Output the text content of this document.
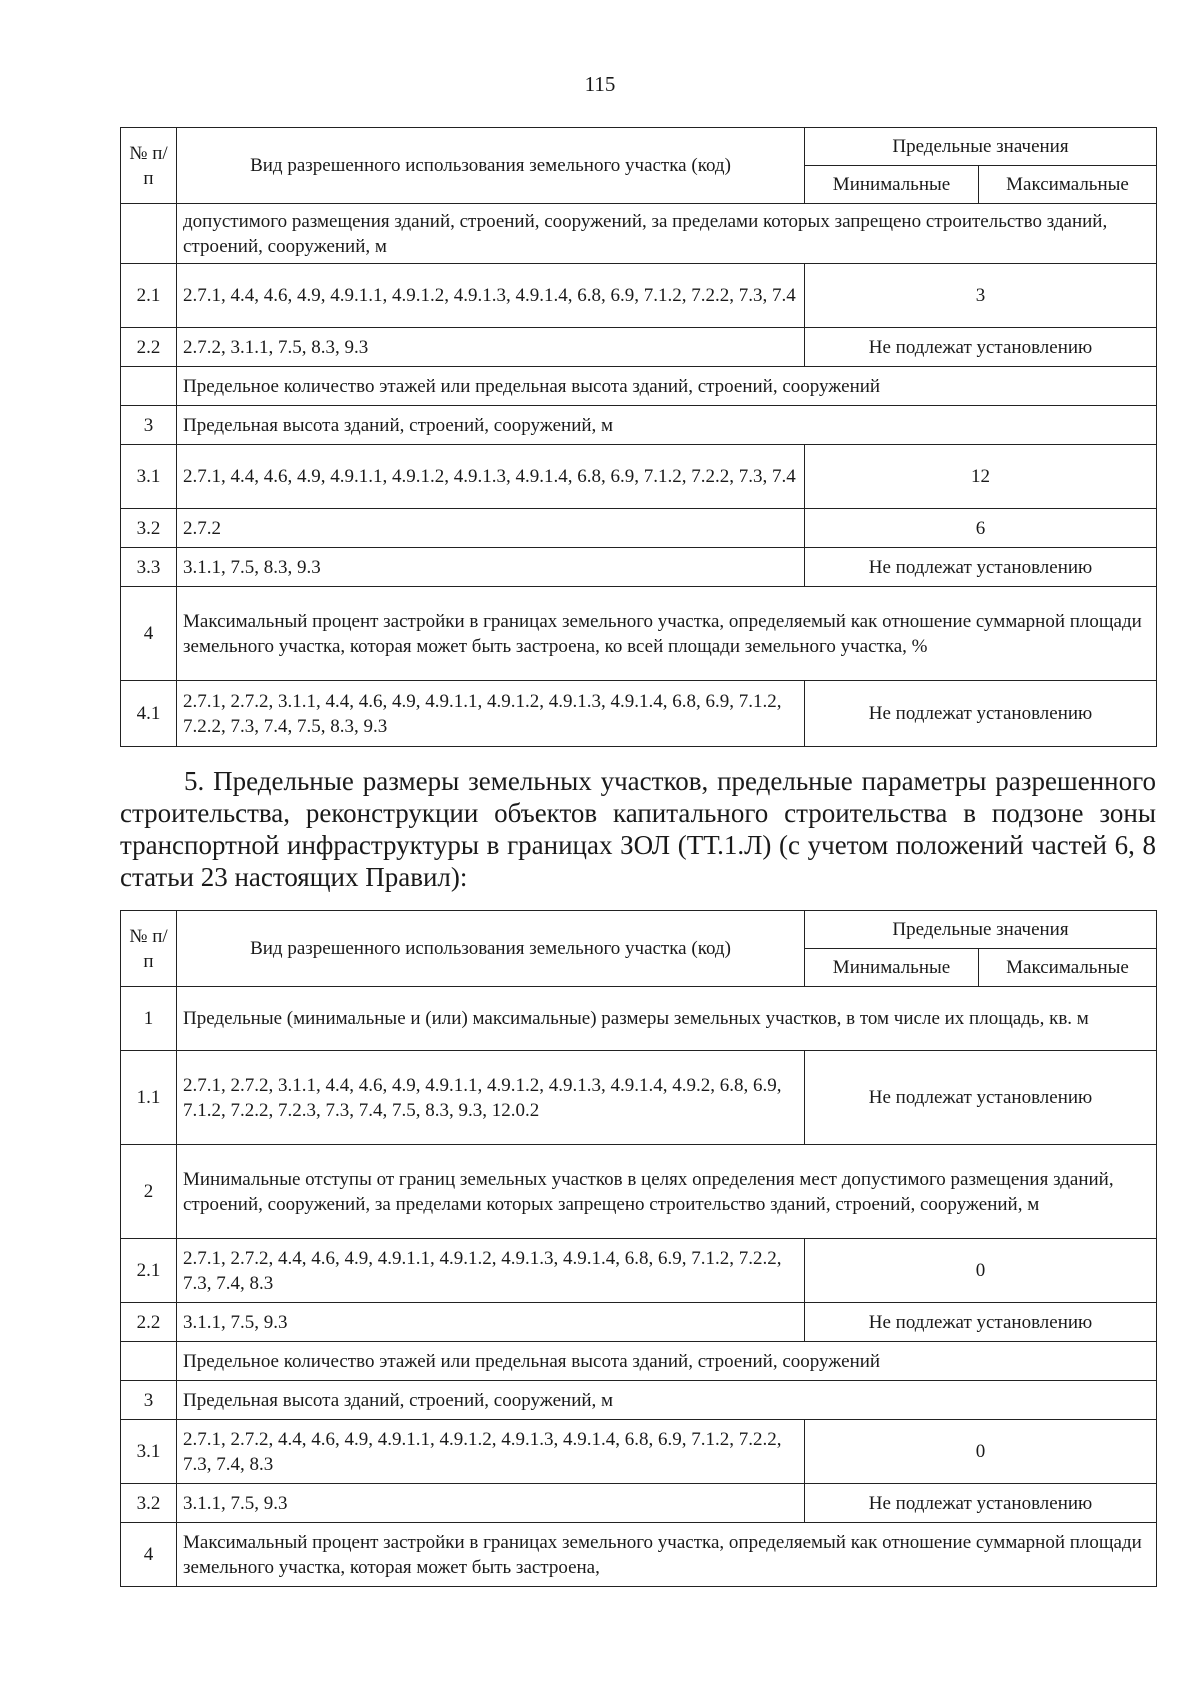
115
№ п/п	Вид разрешенного использования земельного участка (код)	Предельные значения	
		Минимальные	Максимальные
	допустимого размещения зданий, строений, сооружений, за пределами которых запрещено строительство зданий, строений, сооружений, м		
2.1	2.7.1, 4.4, 4.6, 4.9, 4.9.1.1, 4.9.1.2, 4.9.1.3, 4.9.1.4, 6.8, 6.9, 7.1.2, 7.2.2, 7.3, 7.4	3	
2.2	2.7.2, 3.1.1, 7.5, 8.3, 9.3	Не подлежат установлению	
	Предельное количество этажей или предельная высота зданий, строений, сооружений		
3	Предельная высота зданий, строений, сооружений, м		
3.1	2.7.1, 4.4, 4.6, 4.9, 4.9.1.1, 4.9.1.2, 4.9.1.3, 4.9.1.4, 6.8, 6.9, 7.1.2, 7.2.2, 7.3, 7.4	12	
3.2	2.7.2	6	
3.3	3.1.1, 7.5, 8.3, 9.3	Не подлежат установлению	
4	Максимальный процент застройки в границах земельного участка, определяемый как отношение суммарной площади земельного участка, которая может быть застроена, ко всей площади земельного участка, %		
4.1	2.7.1, 2.7.2, 3.1.1, 4.4, 4.6, 4.9, 4.9.1.1, 4.9.1.2, 4.9.1.3, 4.9.1.4, 6.8, 6.9, 7.1.2, 7.2.2, 7.3, 7.4, 7.5, 8.3, 9.3	Не подлежат установлению	
5. Предельные размеры земельных участков, предельные параметры разрешенного строительства, реконструкции объектов капитального строительства в подзоне зоны транспортной инфраструктуры в границах ЗОЛ (ТТ.1.Л) (с учетом положений частей 6, 8 статьи 23 настоящих Правил):
№ п/п	Вид разрешенного использования земельного участка (код)	Предельные значения	
		Минимальные	Максимальные
1	Предельные (минимальные и (или) максимальные) размеры земельных участков, в том числе их площадь, кв. м		
1.1	2.7.1, 2.7.2, 3.1.1, 4.4, 4.6, 4.9, 4.9.1.1, 4.9.1.2, 4.9.1.3, 4.9.1.4, 4.9.2, 6.8, 6.9, 7.1.2, 7.2.2, 7.2.3, 7.3, 7.4, 7.5, 8.3, 9.3, 12.0.2	Не подлежат установлению	
2	Минимальные отступы от границ земельных участков в целях определения мест допустимого размещения зданий, строений, сооружений, за пределами которых запрещено строительство зданий, строений, сооружений, м		
2.1	2.7.1, 2.7.2, 4.4, 4.6, 4.9, 4.9.1.1, 4.9.1.2, 4.9.1.3, 4.9.1.4, 6.8, 6.9, 7.1.2, 7.2.2, 7.3, 7.4, 8.3	0	
2.2	3.1.1, 7.5, 9.3	Не подлежат установлению	
	Предельное количество этажей или предельная высота зданий, строений, сооружений		
3	Предельная высота зданий, строений, сооружений, м		
3.1	2.7.1, 2.7.2, 4.4, 4.6, 4.9, 4.9.1.1, 4.9.1.2, 4.9.1.3, 4.9.1.4, 6.8, 6.9, 7.1.2, 7.2.2, 7.3, 7.4, 8.3	0	
3.2	3.1.1, 7.5, 9.3	Не подлежат установлению	
4	Максимальный процент застройки в границах земельного участка, определяемый как отношение суммарной площади земельного участка, которая может быть застроена,		
